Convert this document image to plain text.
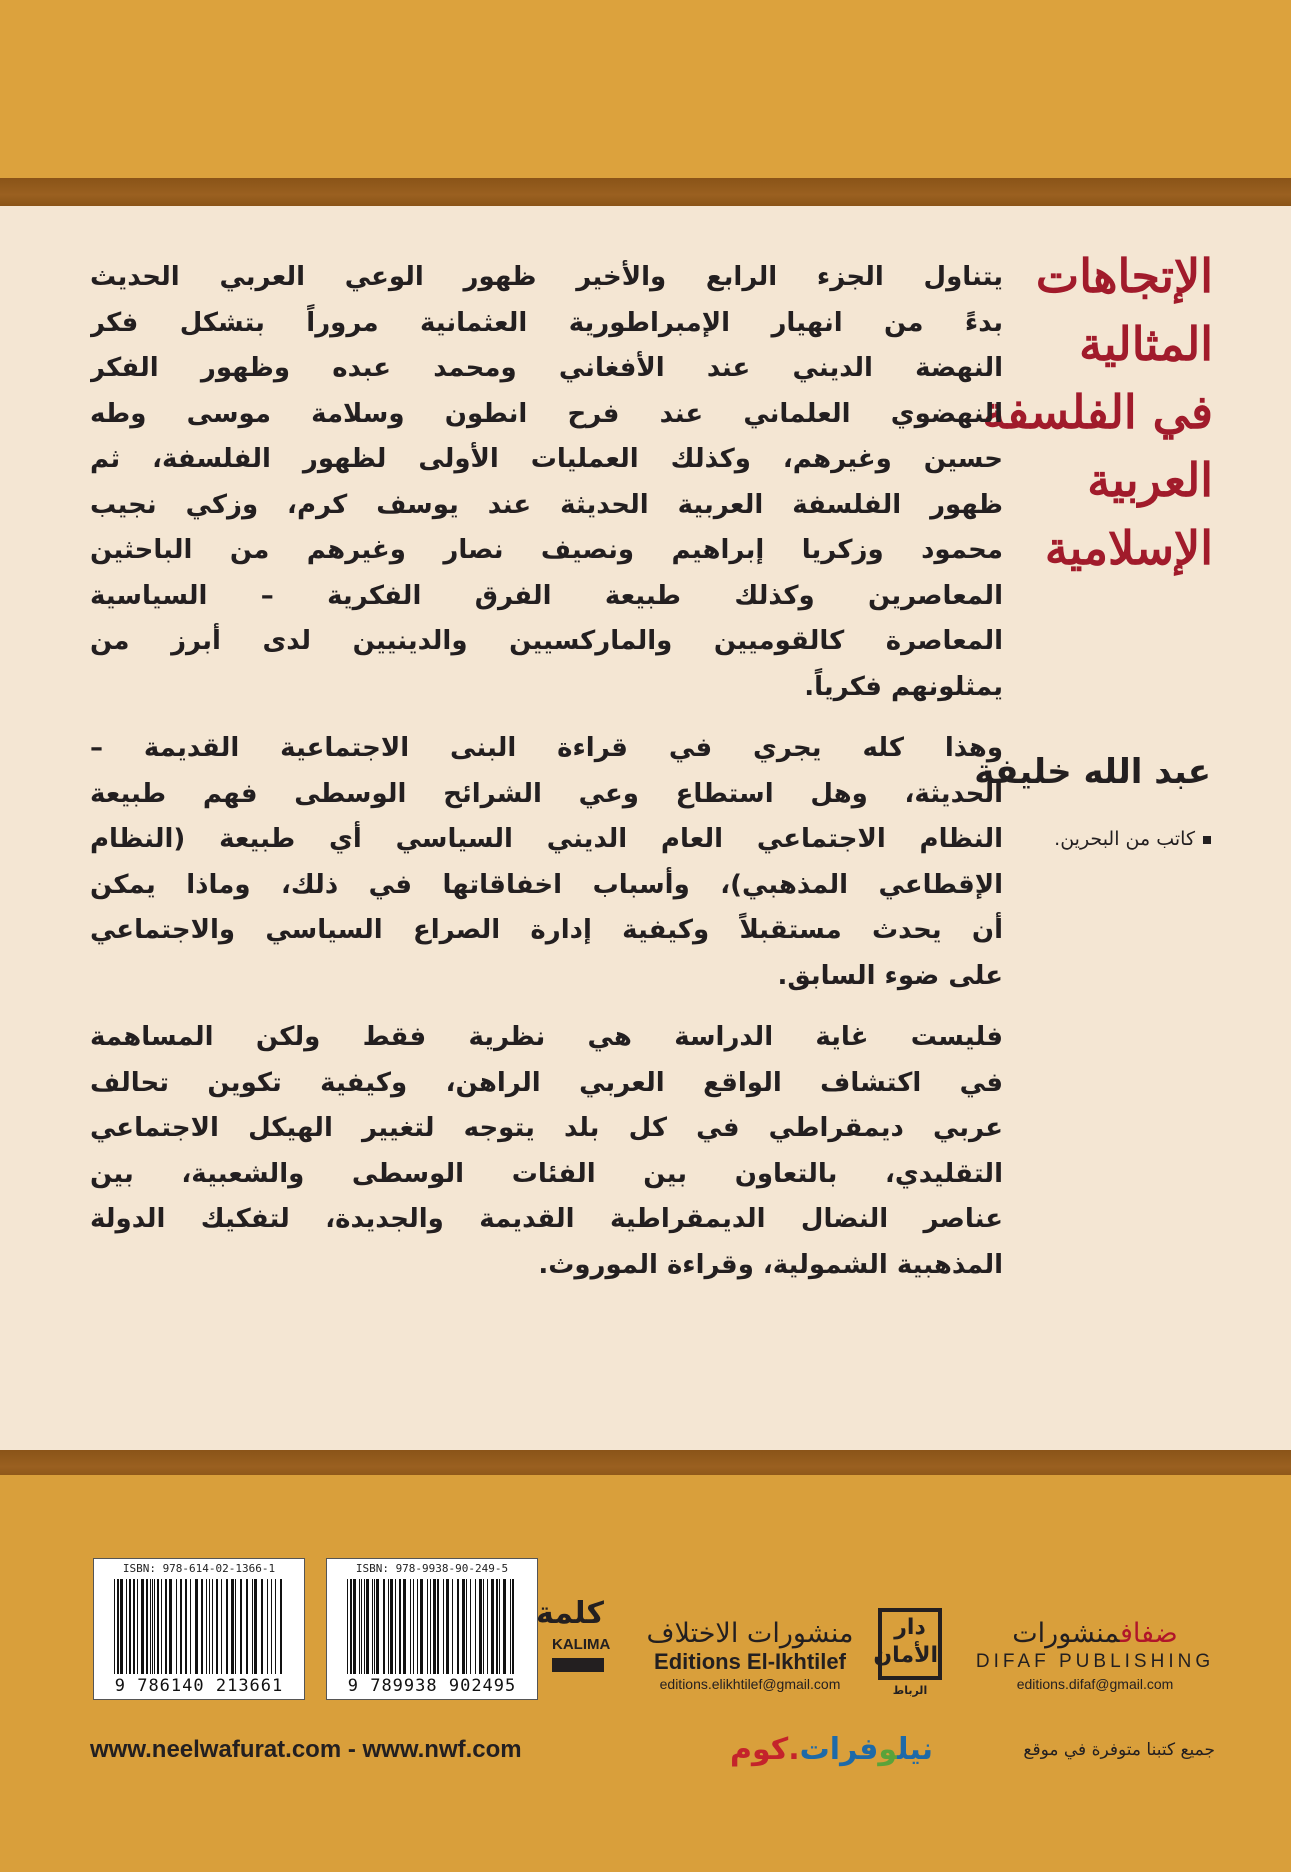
الإتجاهات المثالية
في الفلسفة العربية
الإسلامية
عبد الله خليفة
كاتب من البحرين.
يتناول الجزء الرابع والأخير ظهور الوعي العربي الحديث
بدءً من انهيار الإمبراطورية العثمانية مروراً بتشكل فكر
النهضة الديني عند الأفغاني ومحمد عبده وظهور الفكر
النهضوي العلماني عند فرح انطون وسلامة موسى وطه
حسين وغيرهم، وكذلك العمليات الأولى لظهور الفلسفة، ثم
ظهور الفلسفة العربية الحديثة عند يوسف كرم، وزكي نجيب
محمود وزكريا إبراهيم ونصيف نصار وغيرهم من الباحثين
المعاصرين وكذلك طبيعة الفرق الفكرية – السياسية
المعاصرة كالقوميين والماركسيين والدينيين لدى أبرز من
يمثلونهم فكرياً.
وهذا كله يجري في قراءة البنى الاجتماعية القديمة –
الحديثة، وهل استطاع وعي الشرائح الوسطى فهم طبيعة
النظام الاجتماعي العام الديني السياسي أي طبيعة (النظام
الإقطاعي المذهبي)، وأسباب اخفاقاتها في ذلك، وماذا يمكن
أن يحدث مستقبلاً وكيفية إدارة الصراع السياسي والاجتماعي
على ضوء السابق.
فليست غاية الدراسة هي نظرية فقط ولكن المساهمة
في اكتشاف الواقع العربي الراهن، وكيفية تكوين تحالف
عربي ديمقراطي في كل بلد يتوجه لتغيير الهيكل الاجتماعي
التقليدي، بالتعاون بين الفئات الوسطى والشعبية، بين
عناصر النضال الديمقراطية القديمة والجديدة، لتفكيك الدولة
المذهبية الشمولية، وقراءة الموروث.
ISBN: 978-614-02-1366-1
9 786140 213661
ISBN: 978-9938-90-249-5
9 789938 902495
كلمة
KALIMA منشورات الاختلاف
Editions El-Ikhtilef
editions.elikhtilef@gmail.com
دار الأمان
الرباط
ضفافمنشورات
DIFAF PUBLISHING
editions.difaf@gmail.com
www.neelwafurat.com - www.nwf.com	نيلوفرات.كوم	جميع كتبنا متوفرة في موقع
